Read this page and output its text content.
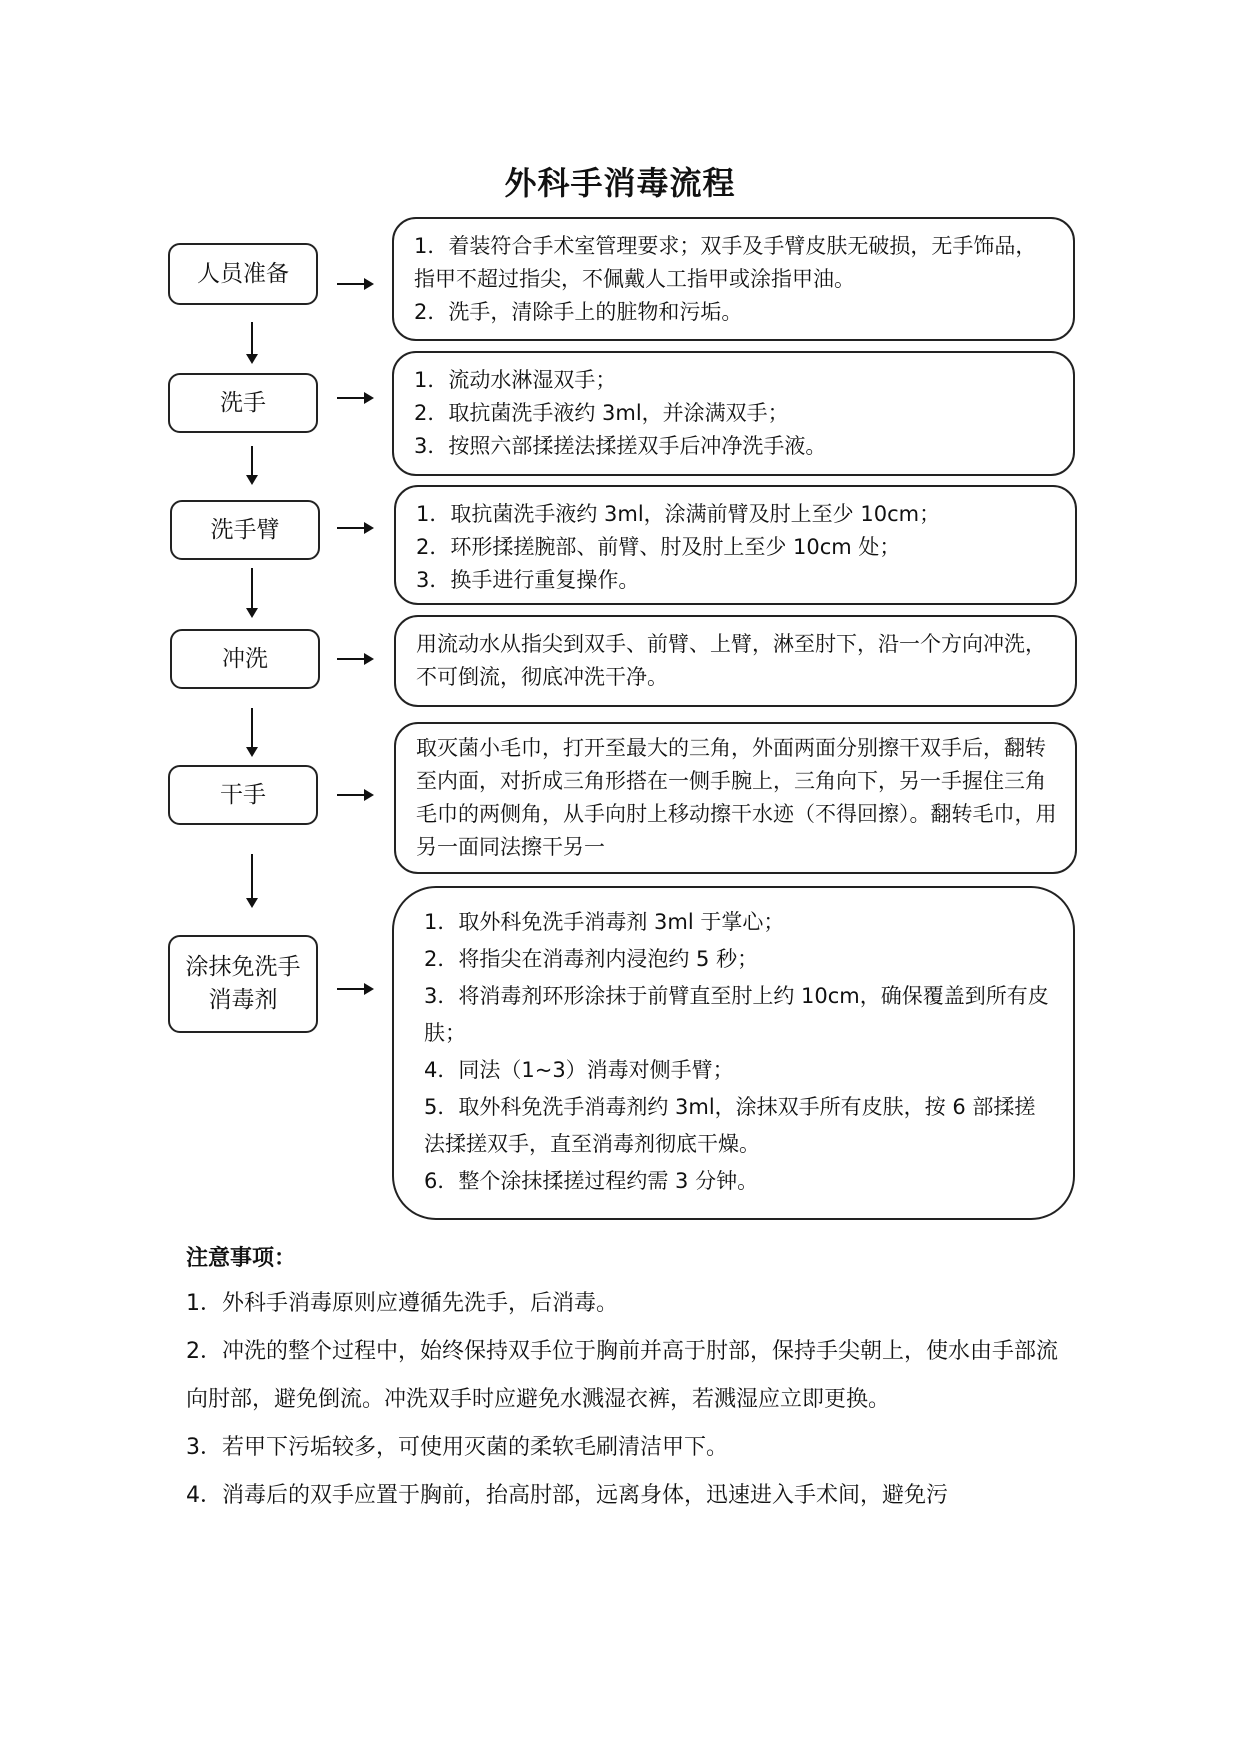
外科手消毒流程
人员准备

1．着装符合手术室管理要求；双手及手臂皮肤无破损，无手饰品，指甲不超过指尖，不佩戴人工指甲或涂指甲油。

2．洗手，清除手上的脏物和污垢。

洗手

1．流动水淋湿双手；

2．取抗菌洗手液约 3ml，并涂满双手；

3．按照六部揉搓法揉搓双手后冲净洗手液。

洗手臂

1．取抗菌洗手液约 3ml，涂满前臂及肘上至少 10cm；

2．环形揉搓腕部、前臂、肘及肘上至少 10cm 处；

3．换手进行重复操作。

冲洗

用流动水从指尖到双手、前臂、上臂，淋至肘下，沿一个方向冲洗，不可倒流，彻底冲洗干净。

干手

取灭菌小毛巾，打开至最大的三角，外面两面分别擦干双手后，翻转至内面，对折成三角形搭在一侧手腕上，三角向下，另一手握住三角毛巾的两侧角，从手向肘上移动擦干水迹（不得回擦）。翻转毛巾，用另一面同法擦干另一

涂抹免洗手消毒剂

1．取外科免洗手消毒剂 3ml 于掌心；

2．将指尖在消毒剂内浸泡约 5 秒；

3．将消毒剂环形涂抹于前臂直至肘上约 10cm，确保覆盖到所有皮肤；

4．同法（1~3）消毒对侧手臂；

5．取外科免洗手消毒剂约 3ml，涂抹双手所有皮肤，按 6 部揉搓法揉搓双手，直至消毒剂彻底干燥。

6．整个涂抹揉搓过程约需 3 分钟。

注意事项：

1．外科手消毒原则应遵循先洗手，后消毒。

2．冲洗的整个过程中，始终保持双手位于胸前并高于肘部，保持手尖朝上，使水由手部流向肘部，避免倒流。冲洗双手时应避免水溅湿衣裤，若溅湿应立即更换。

3．若甲下污垢较多，可使用灭菌的柔软毛刷清洁甲下。

4．消毒后的双手应置于胸前，抬高肘部，远离身体，迅速进入手术间，避免污
